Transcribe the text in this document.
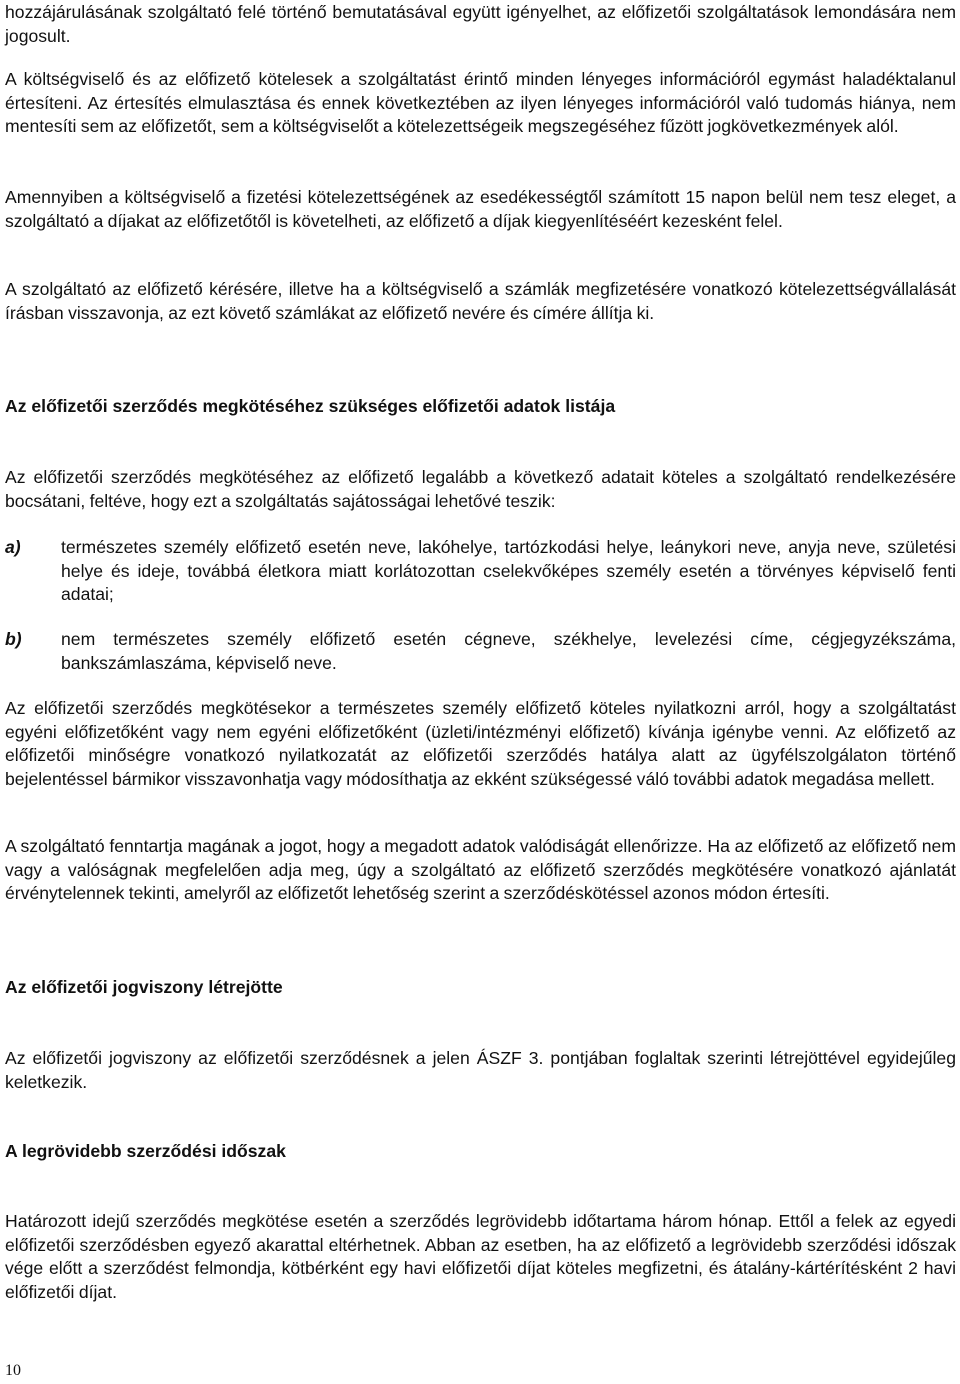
hozzájárulásának szolgáltató felé történő bemutatásával együtt igényelhet, az előfizetői szolgáltatások lemondására nem jogosult.

A költségviselő és az előfizető kötelesek a szolgáltatást érintő minden lényeges információról egymást haladéktalanul értesíteni. Az értesítés elmulasztása és ennek következtében az ilyen lényeges információról való tudomás hiánya, nem mentesíti sem az előfizetőt, sem a költségviselőt a kötelezettségeik megszegéséhez fűzött jogkövetkezmények alól.

Amennyiben a költségviselő a fizetési kötelezettségének az esedékességtől számított 15 napon belül nem tesz eleget, a szolgáltató a díjakat az előfizetőtől is követelheti, az előfizető a díjak kiegyenlítéséért kezesként felel.

A szolgáltató az előfizető kérésére, illetve ha a költségviselő a számlák megfizetésére vonatkozó kötelezettségvállalását írásban visszavonja, az ezt követő számlákat az előfizető nevére és címére állítja ki.

Az előfizetői szerződés megkötéséhez szükséges előfizetői adatok listája

Az előfizetői szerződés megkötéséhez az előfizető legalább a következő adatait köteles a szolgáltató rendelkezésére bocsátani, feltéve, hogy ezt a szolgáltatás sajátosságai lehetővé teszik:

a)	természetes személy előfizető esetén neve, lakóhelye, tartózkodási helye, leánykori neve, anyja neve, születési helye és ideje, továbbá életkora miatt korlátozottan cselekvőképes személy esetén a törvényes képviselő fenti adatai;

b)	nem természetes személy előfizető esetén cégneve, székhelye, levelezési címe, cégjegyzékszáma, bankszámlaszáma, képviselő neve.

Az előfizetői szerződés megkötésekor a természetes személy előfizető köteles nyilatkozni arról, hogy a szolgáltatást egyéni előfizetőként vagy nem egyéni előfizetőként (üzleti/intézményi előfizető) kívánja igénybe venni. Az előfizető az előfizetői minőségre vonatkozó nyilatkozatát az előfizetői szerződés hatálya alatt az ügyfélszolgálaton történő bejelentéssel bármikor visszavonhatja vagy módosíthatja az ekként szükségessé váló további adatok megadása mellett.

A szolgáltató fenntartja magának a jogot, hogy a megadott adatok valódiságát ellenőrizze. Ha az előfizető az előfizető nem vagy a valóságnak megfelelően adja meg, úgy a szolgáltató az előfizető szerződés megkötésére vonatkozó ajánlatát érvénytelennek tekinti, amelyről az előfizetőt lehetőség szerint a szerződéskötéssel azonos módon értesíti.

Az előfizetői jogviszony létrejötte

Az előfizetői jogviszony az előfizetői szerződésnek a jelen ÁSZF 3. pontjában foglaltak szerinti létrejöttével egyidejűleg keletkezik.

A legrövidebb szerződési időszak

Határozott idejű szerződés megkötése esetén a szerződés legrövidebb időtartama három hónap. Ettől a felek az egyedi előfizetői szerződésben egyező akarattal eltérhetnek. Abban az esetben, ha az előfizető a legrövidebb szerződési időszak vége előtt a szerződést felmondja, kötbérként egy havi előfizetői díjat köteles megfizetni, és átalány-kártérítésként 2 havi előfizetői díjat.

10
